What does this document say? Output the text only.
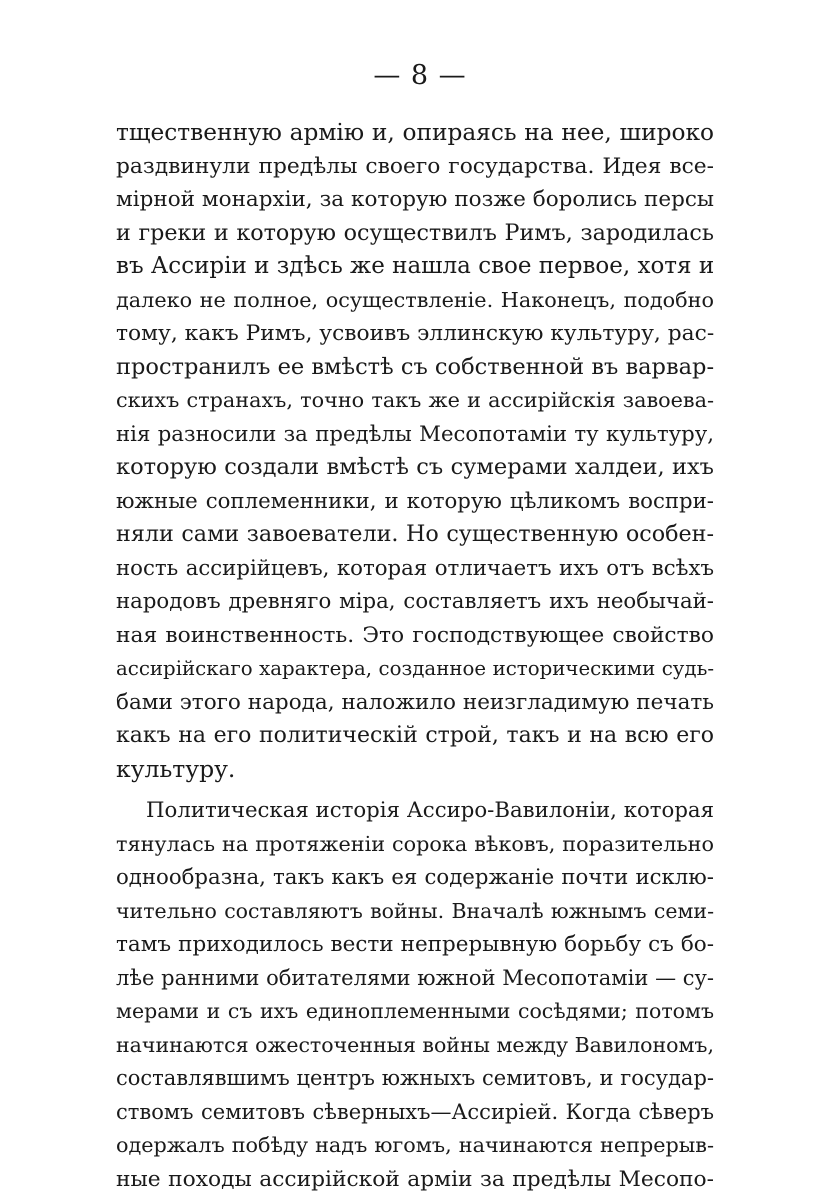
— 8 —
тщественную армію и, опираясь на нее, широко
раздвинули предѣлы своего государства. Идея все-
мірной монархіи, за которую позже боролись персы
и греки и которую осуществилъ Римъ, зародилась
въ Ассиріи и здѣсь же нашла свое первое, хотя и
далеко не полное, осуществленіе. Наконецъ, подобно
тому, какъ Римъ, усвоивъ эллинскую культуру, рас-
пространилъ ее вмѣстѣ съ собственной въ варвар-
скихъ странахъ, точно такъ же и ассирійскія завоева-
нія разносили за предѣлы Месопотаміи ту культуру,
которую создали вмѣстѣ съ сумерами халдеи, ихъ
южные соплеменники, и которую цѣликомъ воспри-
няли сами завоеватели. Но существенную особен-
ность ассирійцевъ, которая отличаетъ ихъ отъ всѣхъ
народовъ древняго міра, составляетъ ихъ необычай-
ная воинственность. Это господствующее свойство
ассирійскаго характера, созданное историческими судь-
бами этого народа, наложило неизгладимую печать
какъ на его политическій строй, такъ и на всю его
культуру.
Политическая исторія Ассиро-Вавилоніи, которая
тянулась на протяженіи сорока вѣковъ, поразительно
однообразна, такъ какъ ея содержаніе почти исклю-
чительно составляютъ войны. Вначалѣ южнымъ семи-
тамъ приходилось вести непрерывную борьбу съ бо-
лѣе ранними обитателями южной Месопотаміи — су-
мерами и съ ихъ единоплеменными сосѣдями; потомъ
начинаются ожесточенныя войны между Вавилономъ,
составлявшимъ центръ южныхъ семитовъ, и государ-
ствомъ семитовъ сѣверныхъ—Ассиріей. Когда сѣверъ
одержалъ побѣду надъ югомъ, начинаются непрерыв-
ные походы ассирійской арміи за предѣлы Месопо-
